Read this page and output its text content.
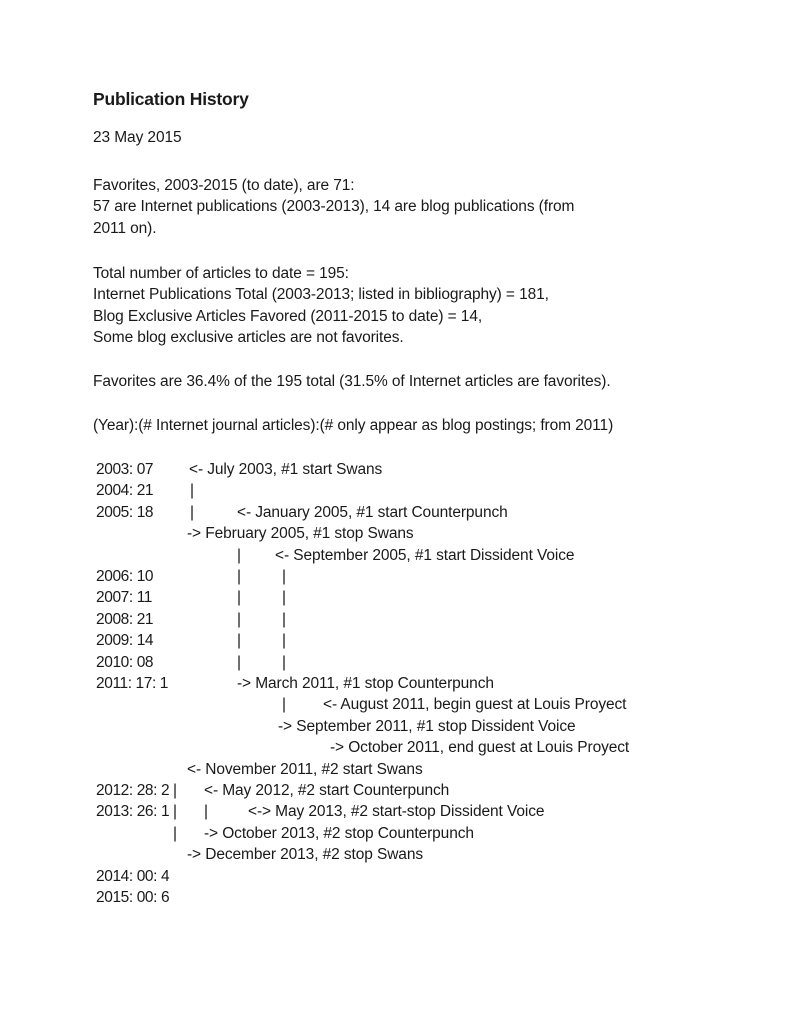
Publication History
23 May 2015
Favorites, 2003-2015 (to date), are 71:
57 are Internet publications (2003-2013), 14 are blog publications (from
2011 on).
Total number of articles to date = 195:
Internet Publications Total (2003-2013; listed in bibliography) = 181,
Blog Exclusive Articles Favored (2011-2015 to date) = 14,
Some blog exclusive articles are not favorites.
Favorites are 36.4% of the 195 total (31.5% of Internet articles are favorites).
(Year):(# Internet journal articles):(# only appear as blog postings; from 2011)
2003: 07 <- July 2003, #1 start Swans
2004: 21 |
2005: 18 |	<- January 2005, #1 start Counterpunch
-> February 2005, #1 stop Swans
| <- September 2005, #1 start Dissident Voice
2006: 10	|	|
2007: 11	|	|
2008: 21	|	|
2009: 14	|	|
2010: 08	|	|
2011: 17: 1	-> March 2011, #1 stop Counterpunch
| <- August 2011, begin guest at Louis Proyect
-> September 2011, #1 stop Dissident Voice
-> October 2011, end guest at Louis Proyect
<- November 2011, #2 start Swans
2012: 28: 2 | <- May 2012, #2 start Counterpunch
2013: 26: 1 | |	<-> May 2013, #2 start-stop Dissident Voice
| -> October 2013, #2 stop Counterpunch
-> December 2013, #2 stop Swans
2014: 00: 4
2015: 00: 6
